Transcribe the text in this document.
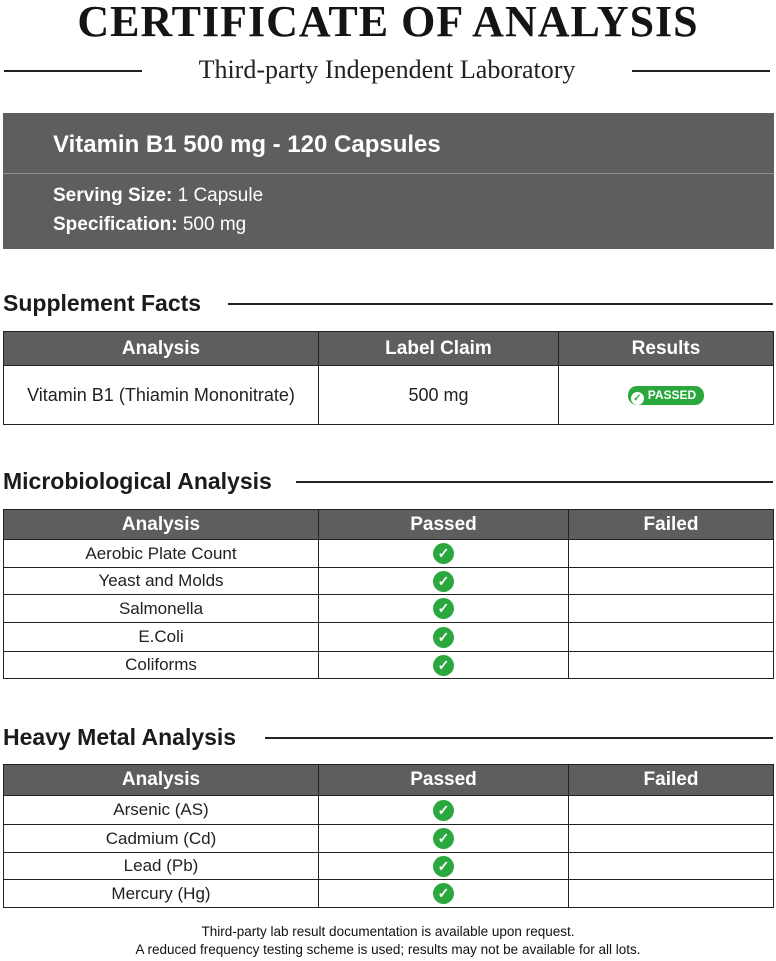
CERTIFICATE OF ANALYSIS
Third-party Independent Laboratory
Vitamin B1 500 mg - 120 Capsules
Serving Size: 1 Capsule
Specification: 500 mg
Supplement Facts
Analysis	Label Claim	Results
Vitamin B1 (Thiamin Mononitrate)	500 mg	✓ PASSED
Microbiological Analysis
Analysis	Passed	Failed
Aerobic Plate Count	✓	
Yeast and Molds	✓	
Salmonella	✓	
E.Coli	✓	
Coliforms	✓	
Heavy Metal Analysis
Analysis	Passed	Failed
Arsenic (AS)	✓	
Cadmium (Cd)	✓	
Lead (Pb)	✓	
Mercury (Hg)	✓	
Third-party lab result documentation is available upon request.
A reduced frequency testing scheme is used; results may not be available for all lots.
